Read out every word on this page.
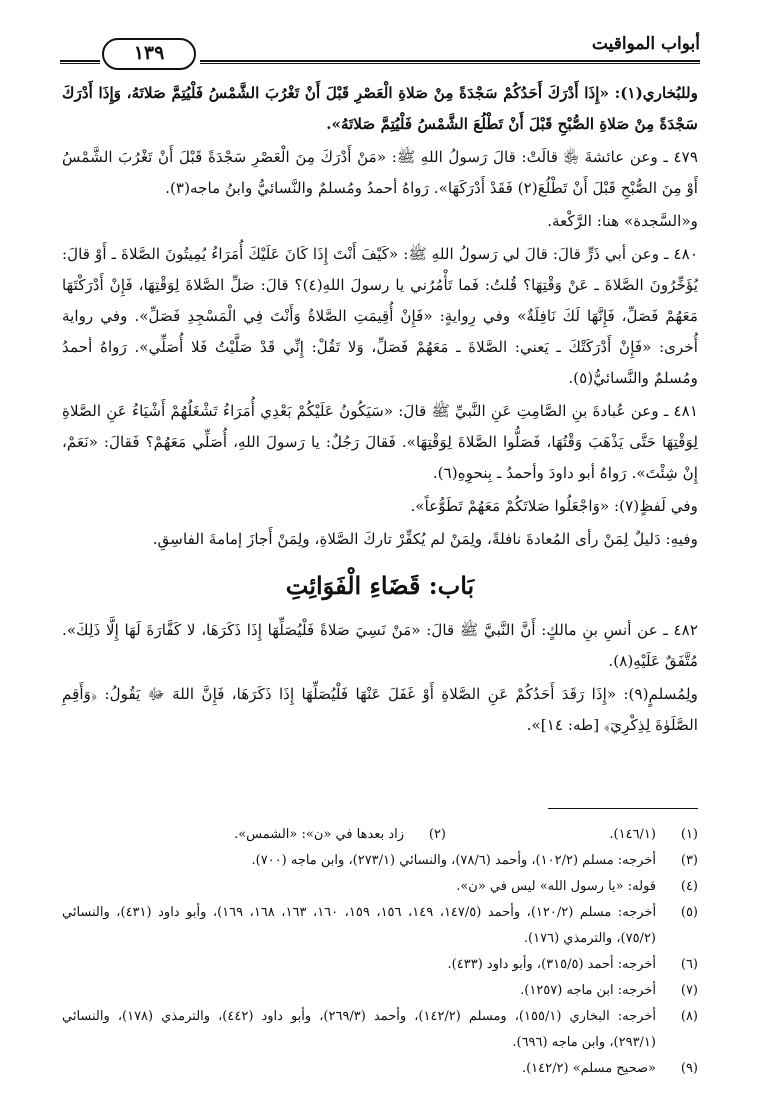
أبواب المواقيت
١٣٩

وللبُخاري(١): «إِذَا أَدْرَكَ أَحَدُكُمْ سَجْدَةً مِنْ صَلاةِ الْعَصْرِ قَبْلَ أَنْ تَغْرُبَ الشَّمْسُ فَلْيُتِمَّ صَلاتَهُ، وَإِذَا أَدْرَكَ سَجْدَةً مِنْ صَلاةِ الصُّبْحِ قَبْلَ أَنْ تَطْلُعَ الشَّمْسُ فَلْيُتِمَّ صَلاتَهُ».

٤٧٩ ـ وعن عائشةَ ﵂ قالَتْ: قالَ رَسولُ اللهِ ﷺ: «مَنْ أَدْرَكَ مِنَ الْعَصْرِ سَجْدَةً قَبْلَ أَنْ تَغْرُبَ الشَّمْسُ أَوْ مِنَ الصُّبْحِ قَبْلَ أَنْ تَطْلُعَ(٢) فَقَدْ أَدْرَكَهَا». رَواهُ أحمدُ ومُسلمٌ والنَّسائيُّ وابنُ ماجه(٣).

و«السَّجدة» هنا: الرَّكْعة.

٤٨٠ ـ وعن أبي ذَرٍّ قالَ: قالَ لي رَسولُ اللهِ ﷺ: «كَيْفَ أَنْتَ إِذَا كَانَ عَلَيْكَ أُمَرَاءُ يُمِيتُونَ الصَّلاةَ ـ أَوْ قالَ: يُؤَخِّرُونَ الصَّلاةَ ـ عَنْ وَقْتِهَا؟ قُلتُ: فَما تَأْمُرُني يا رسولَ اللهِ(٤)؟ قالَ: صَلِّ الصَّلاةَ لِوَقْتِهَا، فَإِنْ أَدْرَكْتَهَا مَعَهُمْ فَصَلِّ، فَإِنَّهَا لَكَ نَافِلَةٌ» وفي رِوايةٍ: «فَإِنْ أُقِيمَتِ الصَّلاةُ وَأَنْتَ فِي الْمَسْجِدِ فَصَلِّ». وفي رواية أُخرى: «فَإِنْ أَدْرَكَتْكَ ـ يَعني: الصَّلاةَ ـ مَعَهُمْ فَصَلِّ، وَلا تَقُلْ: إِنِّي قَدْ صَلَّيْتُ فَلا أُصَلِّي». رَواهُ أحمدُ ومُسلمٌ والنَّسائيُّ(٥).

٤٨١ ـ وعن عُبادةَ بنِ الصَّامِتِ عَنِ النَّبيِّ ﷺ قالَ: «سَيَكُونُ عَلَيْكُمْ بَعْدِي أُمَرَاءُ تَشْغَلُهُمْ أَشْيَاءُ عَنِ الصَّلاةِ لِوَقْتِهَا حَتَّى يَذْهَبَ وَقْتُهَا، فَصَلُّوا الصَّلاةَ لِوَقْتِهَا». فَقالَ رَجُلٌ: يا رَسولَ اللهِ، أُصَلِّي مَعَهُمْ؟ فَقالَ: «نَعَمْ، إِنْ شِئْتَ». رَواهُ أبو داودَ وأحمدُ ـ بِنحوِهِ(٦).

وفي لَفظٍ(٧): «وَاجْعَلُوا صَلاتَكُمْ مَعَهُمْ تَطَوُّعاً».

وفيهِ: دَليلٌ لِمَنْ رأى المُعادةَ نافلةً، ولِمَنْ لم يُكفِّرْ تاركَ الصَّلاةِ، ولِمَنْ أَجازَ إمامةَ الفاسِقِ.

بَاب: قَضَاءِ الْفَوَائِتِ

٤٨٢ ـ عن أنسِ بنِ مالكٍ: أَنَّ النَّبيَّ ﷺ قالَ: «مَنْ نَسِيَ صَلاةً فَلْيُصَلِّهَا إِذَا ذَكَرَهَا، لا كَفَّارَةَ لَهَا إِلَّا ذَلِكَ». مُتَّفَقٌ عَلَيْهِ(٨).

ولِمُسلمٍ(٩): «إِذَا رَقَدَ أَحَدُكُمْ عَنِ الصَّلاةِ أَوْ غَفَلَ عَنْهَا فَلْيُصَلِّهَا إِذَا ذَكَرَهَا، فَإِنَّ اللهَ ﷻ يَقُولُ: ﴿وَأَقِمِ الصَّلَوٰةَ لِذِكْرِيٓ﴾ [طه: ١٤]».

(١)
(١٤٦/١).
(٢)
زاد بعدها في «ن»: «الشمس».
(٣)
أخرجه: مسلم (١٠٢/٢)، وأحمد (٧٨/٦)، والنسائي (٢٧٣/١)، وابن ماجه (٧٠٠).
(٤)
قوله: «يا رسول الله» ليس في «ن».
(٥)
أخرجه: مسلم (١٢٠/٢)، وأحمد (١٤٧/٥، ١٤٩، ١٥٦، ١٥٩، ١٦٠، ١٦٣، ١٦٨، ١٦٩)، وأبو داود (٤٣١)، والنسائي (٧٥/٢)، والترمذي (١٧٦).
(٦)
أخرجه: أحمد (٣١٥/٥)، وأبو داود (٤٣٣).
(٧)
أخرجه: ابن ماجه (١٢٥٧).
(٨)
أخرجه: البخاري (١٥٥/١)، ومسلم (١٤٢/٢)، وأحمد (٢٦٩/٣)، وأبو داود (٤٤٢)، والترمذي (١٧٨)، والنسائي (٢٩٣/١)، وابن ماجه (٦٩٦).
(٩)
«صحيح مسلم» (١٤٢/٢).
